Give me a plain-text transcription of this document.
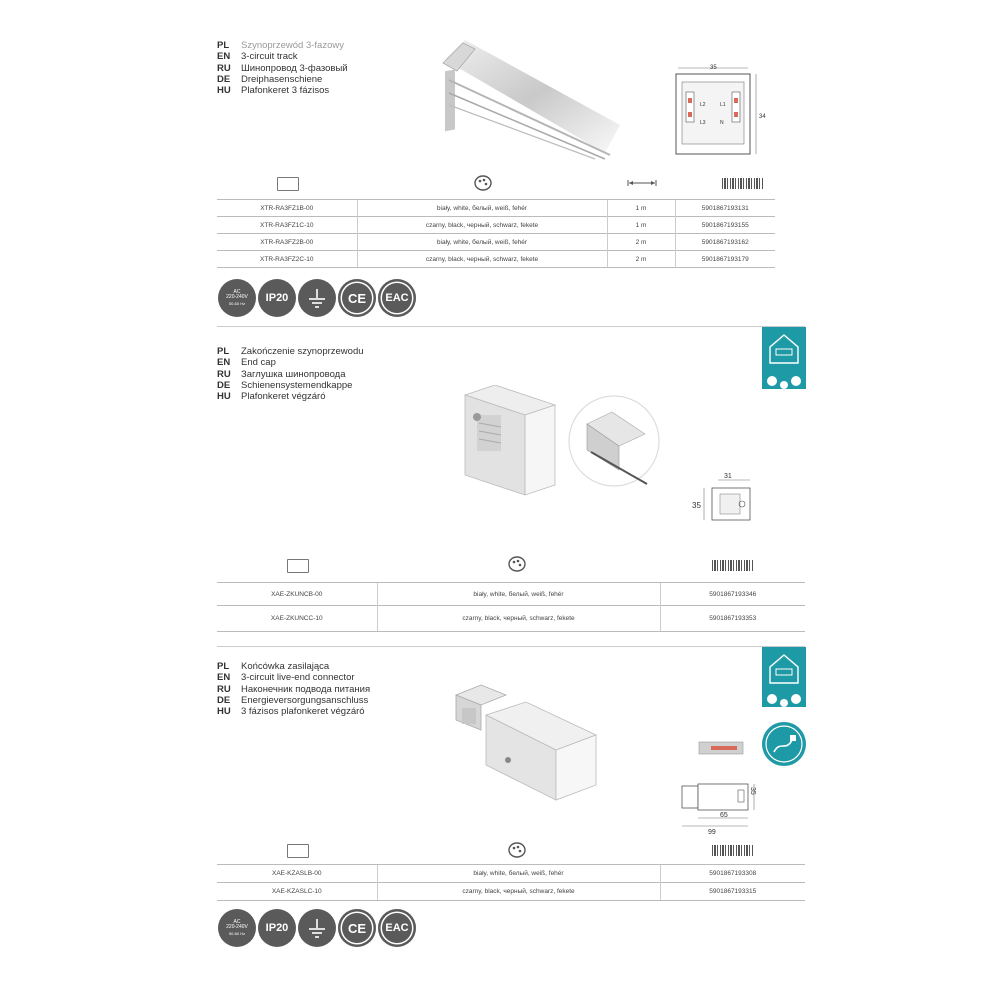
PL	Szynoprzewód 3-fazowy
EN	3-circuit track
RU	Шинопровод 3-фазовый
DE	Dreiphasenschiene
HU	Plafonkeret 3 fázisos
35
L2
L3
L1
N
34
XTR-RA3FZ1B-00	biały, white, белый, weiß, fehér	1 m	5901867193131
XTR-RA3FZ1C-10	czarny, black, черный, schwarz, fekete	1 m	5901867193155
XTR-RA3FZ2B-00	biały, white, белый, weiß, fehér	2 m	5901867193162
XTR-RA3FZ2C-10	czarny, black, черный, schwarz, fekete	2 m	5901867193179
AC
220-240V
50-60 Hz IP20	CE EAC
PL	Zakończenie szynoprzewodu
EN	End cap
RU	Заглушка шинопровода
DE	Schienensystemendkappe
HU	Plafonkeret végzáró
31
35
XAE-ZKUNCB-00	biały, white, белый, weiß, fehér	5901867193346
XAE-ZKUNCC-10	czarny, black, черный, schwarz, fekete	5901867193353
PL	Końcówka zasilająca
EN	3-circuit live-end connector
RU	Наконечник подвода питания
DE	Energieversorgungsanschluss
HU	3 fázisos plafonkeret végzáró
35
65
99
XAE-KZASLB-00	biały, white, белый, weiß, fehér	5901867193308
XAE-KZASLC-10	czarny, black, черный, schwarz, fekete	5901867193315
AC
220-240V
50-60 Hz IP20	CE EAC
